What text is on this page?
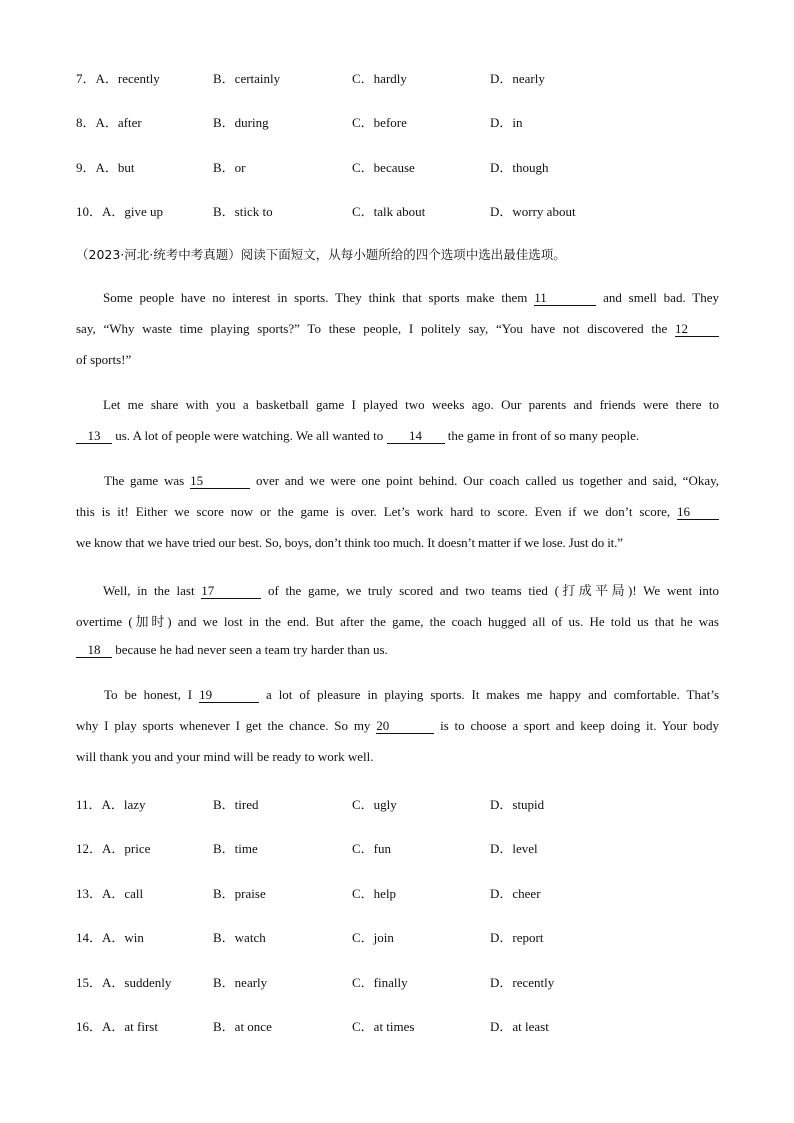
7．A．recently	B．certainly	C．hardly	D．nearly
8．A．after	B．during	C．before	D．in
9．A．but	B．or	C．because	D．though
10．A．give up	B．stick to	C．talk about	D．worry about
（2023·河北·统考中考真题）阅读下面短文，从每小题所给的四个选项中选出最佳选项。
Some people have no interest in sports. They think that sports make them 11	and smell bad. They
say, “Why waste time playing sports?” To these people, I politely say, “You have not discovered the 12
of sports!”
Let me share with you a basketball game I played two weeks ago. Our parents and friends were there to
13 us. A lot of people were watching. We all wanted to 14 the game in front of so many people.
The game was 15	over and we were one point behind. Our coach called us together and said, “Okay,
this is it! Either we score now or the game is over. Let’s work hard to score. Even if we don’t score, 16
we know that we have tried our best. So, boys, don’t think too much. It doesn’t matter if we lose. Just do it.”
Well, in the last 17	of the game, we truly scored and two teams tied (打成平局)! We went into
overtime (加时) and we lost in the end. But after the game, the coach hugged all of us. He told us that he was
18 because he had never seen a team try harder than us.
To be honest, I 19	a lot of pleasure in playing sports. It makes me happy and comfortable. That’s
why I play sports whenever I get the chance. So my 20	is to choose a sport and keep doing it. Your body
will thank you and your mind will be ready to work well.
11．A．lazy	B．tired	C．ugly	D．stupid
12．A．price	B．time	C．fun	D．level
13．A．call	B．praise	C．help	D．cheer
14．A．win	B．watch	C．join	D．report
15．A．suddenly	B．nearly	C．finally	D．recently
16．A．at first	B．at once	C．at times	D．at least
